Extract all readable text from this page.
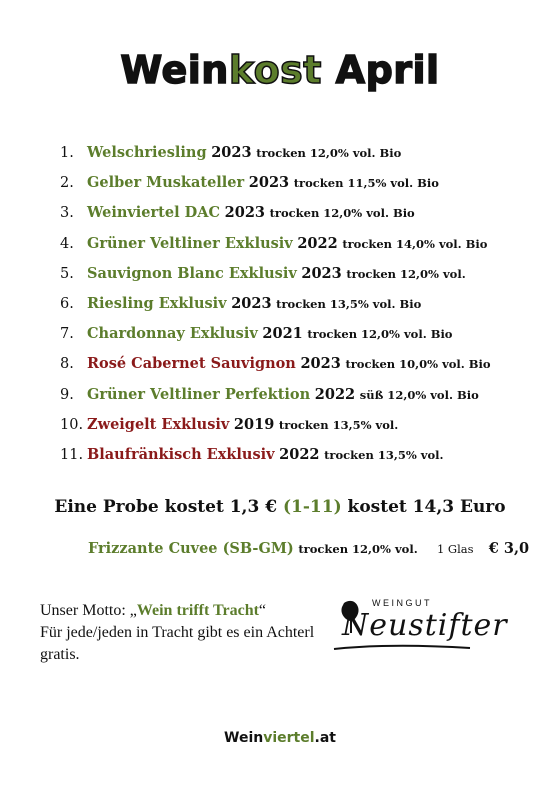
Weinkost April
1. Welschriesling 2023 trocken 12,0% vol. Bio
2. Gelber Muskateller 2023 trocken 11,5% vol. Bio
3. Weinviertel DAC 2023 trocken 12,0% vol. Bio
4. Grüner Veltliner Exklusiv 2022 trocken 14,0% vol. Bio
5. Sauvignon Blanc Exklusiv 2023 trocken 12,0% vol.
6. Riesling Exklusiv 2023 trocken 13,5% vol. Bio
7. Chardonnay Exklusiv 2021 trocken 12,0% vol. Bio
8. Rosé Cabernet Sauvignon 2023 trocken 10,0% vol. Bio
9. Grüner Veltliner Perfektion 2022 süß 12,0% vol. Bio
10. Zweigelt Exklusiv 2019 trocken 13,5% vol.
11. Blaufränkisch Exklusiv 2022 trocken 13,5% vol.
Eine Probe kostet 1,3 € (1-11) kostet 14,3 Euro
Frizzante Cuvee (SB-GM) trocken 12,0% vol. 1 Glas € 3,0
Unser Motto: „Wein trifft Tracht“
Für jede/jeden in Tracht gibt es ein Achterl gratis.
WEINGUT
Neustifter
Weinviertel.at
